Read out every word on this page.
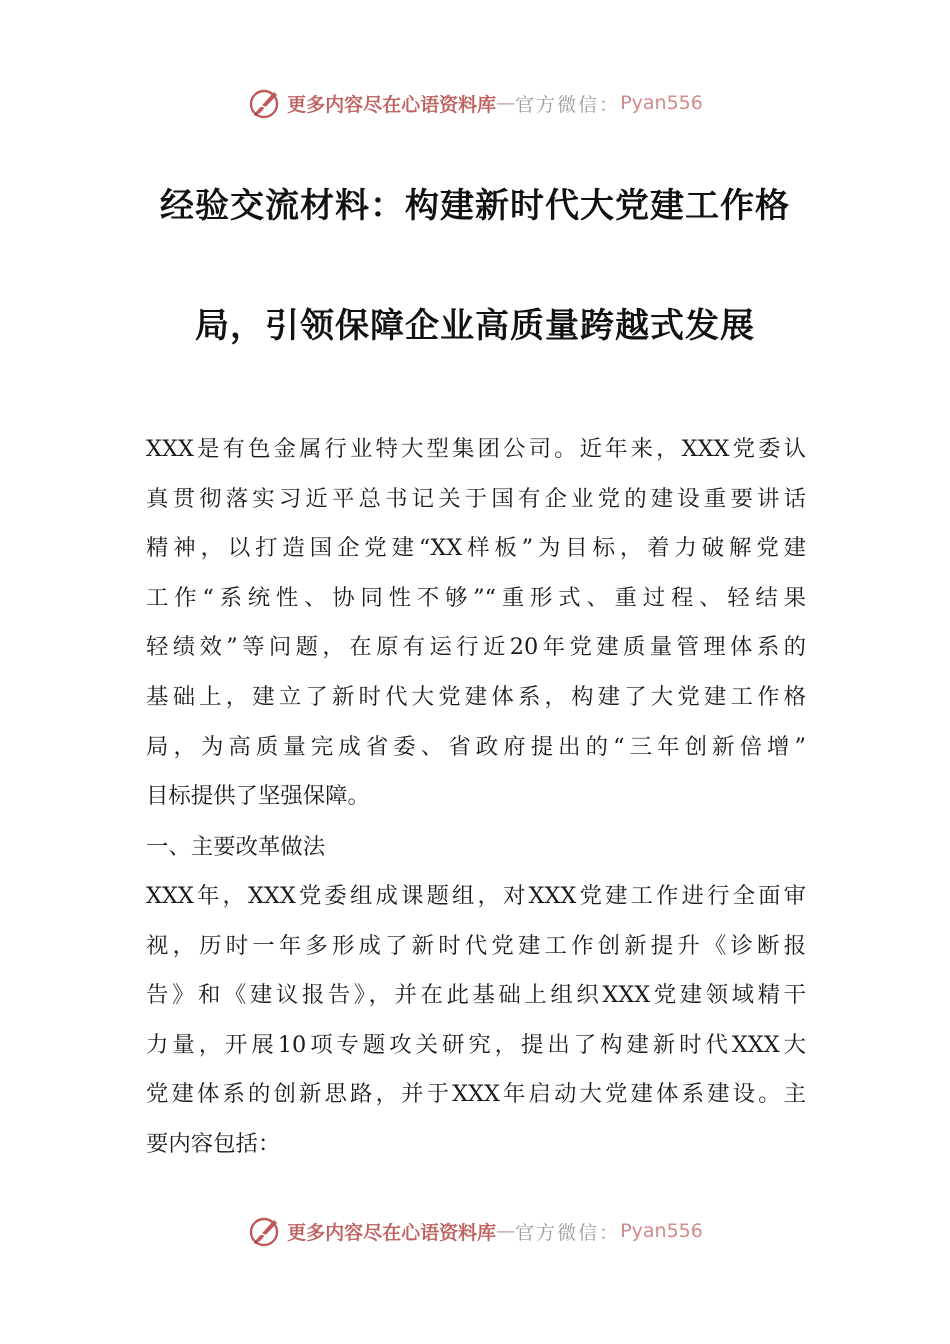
更多内容尽在心语资料库 — 官方微信： Pyan556
经验交流材料：构建新时代大党建工作格
局，引领保障企业高质量跨越式发展
XXX是有色金属行业特大型集团公司。近年来，XXX党委认
真贯彻落实习近平总书记关于国有企业党的建设重要讲话
精神，以打造国企党建“XX样板”为目标，着力破解党建
工作“系统性、协同性不够”“重形式、重过程、轻结果
轻绩效”等问题，在原有运行近20年党建质量管理体系的
基础上，建立了新时代大党建体系，构建了大党建工作格
局，为高质量完成省委、省政府提出的“三年创新倍增”
目标提供了坚强保障。
一、主要改革做法
XXX年，XXX党委组成课题组，对XXX党建工作进行全面审
视，历时一年多形成了新时代党建工作创新提升《诊断报
告》和《建议报告》，并在此基础上组织XXX党建领域精干
力量，开展10项专题攻关研究，提出了构建新时代XXX大
党建体系的创新思路，并于XXX年启动大党建体系建设。主
要内容包括：
更多内容尽在心语资料库 — 官方微信： Pyan556
